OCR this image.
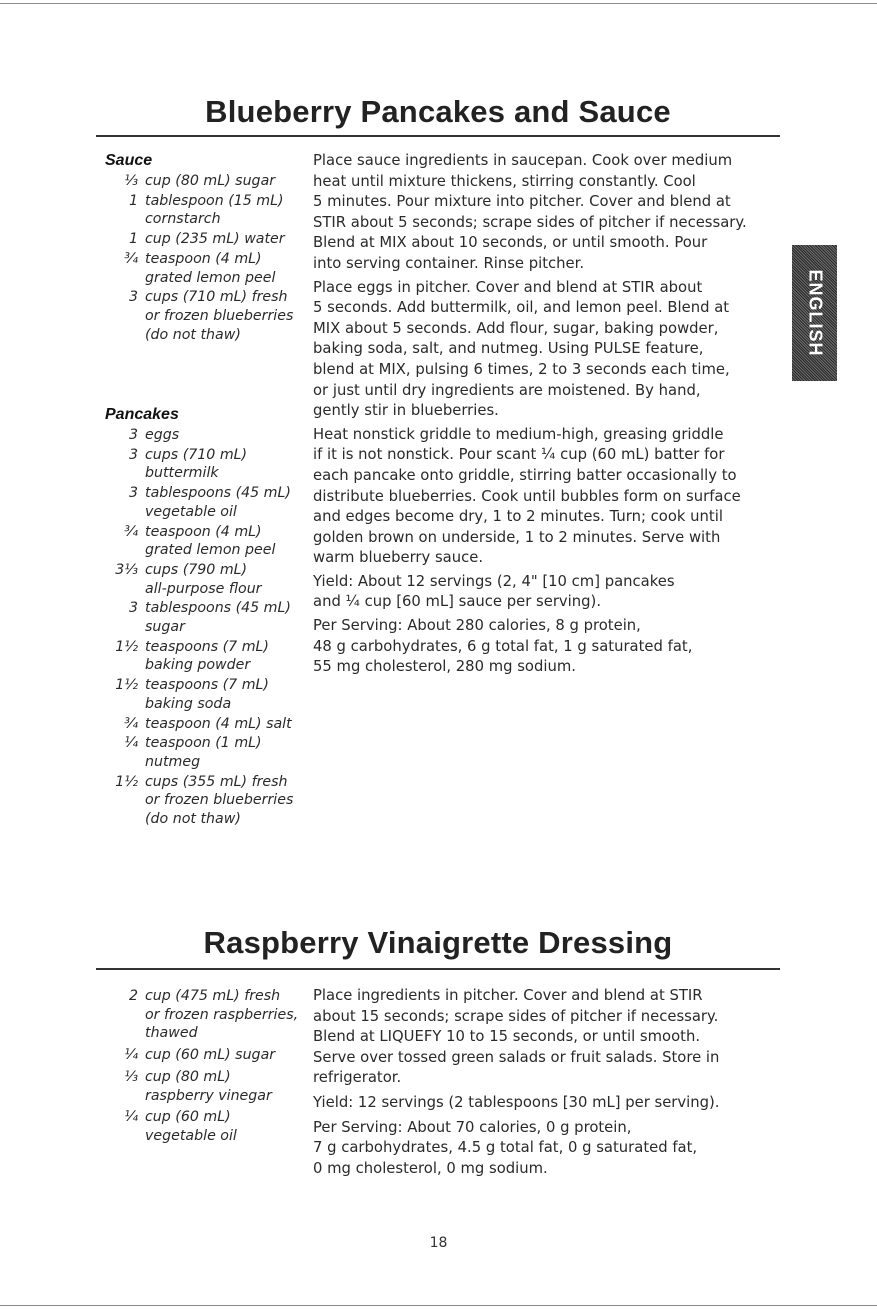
Blueberry Pancakes and Sauce
Sauce
⅓ cup (80 mL) sugar
1 tablespoon (15 mL)
cornstarch
1 cup (235 mL) water
¾ teaspoon (4 mL)
grated lemon peel
3 cups (710 mL) fresh
or frozen blueberries
(do not thaw)
Pancakes
3 eggs
3 cups (710 mL)
buttermilk
3 tablespoons (45 mL)
vegetable oil
¾ teaspoon (4 mL)
grated lemon peel
3⅓ cups (790 mL)
all-purpose flour
3 tablespoons (45 mL)
sugar
1½ teaspoons (7 mL)
baking powder
1½ teaspoons (7 mL)
baking soda
¾ teaspoon (4 mL) salt
¼ teaspoon (1 mL)
nutmeg
1½ cups (355 mL) fresh
or frozen blueberries
(do not thaw)

Place sauce ingredients in saucepan. Cook over medium
heat until mixture thickens, stirring constantly. Cool
5 minutes. Pour mixture into pitcher. Cover and blend at
STIR about 5 seconds; scrape sides of pitcher if necessary.
Blend at MIX about 10 seconds, or until smooth. Pour
into serving container. Rinse pitcher.

Place eggs in pitcher. Cover and blend at STIR about
5 seconds. Add buttermilk, oil, and lemon peel. Blend at
MIX about 5 seconds. Add flour, sugar, baking powder,
baking soda, salt, and nutmeg. Using PULSE feature,
blend at MIX, pulsing 6 times, 2 to 3 seconds each time,
or just until dry ingredients are moistened. By hand,
gently stir in blueberries.

Heat nonstick griddle to medium-high, greasing griddle
if it is not nonstick. Pour scant ¼ cup (60 mL) batter for
each pancake onto griddle, stirring batter occasionally to
distribute blueberries. Cook until bubbles form on surface
and edges become dry, 1 to 2 minutes. Turn; cook until
golden brown on underside, 1 to 2 minutes. Serve with
warm blueberry sauce.

Yield: About 12 servings (2, 4" [10 cm] pancakes
and ¼ cup [60 mL] sauce per serving).

Per Serving: About 280 calories, 8 g protein,
48 g carbohydrates, 6 g total fat, 1 g saturated fat,
55 mg cholesterol, 280 mg sodium.

ENGLISH
Raspberry Vinaigrette Dressing
2 cup (475 mL) fresh
or frozen raspberries,
thawed
¼ cup (60 mL) sugar
⅓ cup (80 mL)
raspberry vinegar
¼ cup (60 mL)
vegetable oil

Place ingredients in pitcher. Cover and blend at STIR
about 15 seconds; scrape sides of pitcher if necessary.
Blend at LIQUEFY 10 to 15 seconds, or until smooth.
Serve over tossed green salads or fruit salads. Store in
refrigerator.

Yield: 12 servings (2 tablespoons [30 mL] per serving).

Per Serving: About 70 calories, 0 g protein,
7 g carbohydrates, 4.5 g total fat, 0 g saturated fat,
0 mg cholesterol, 0 mg sodium.

18
